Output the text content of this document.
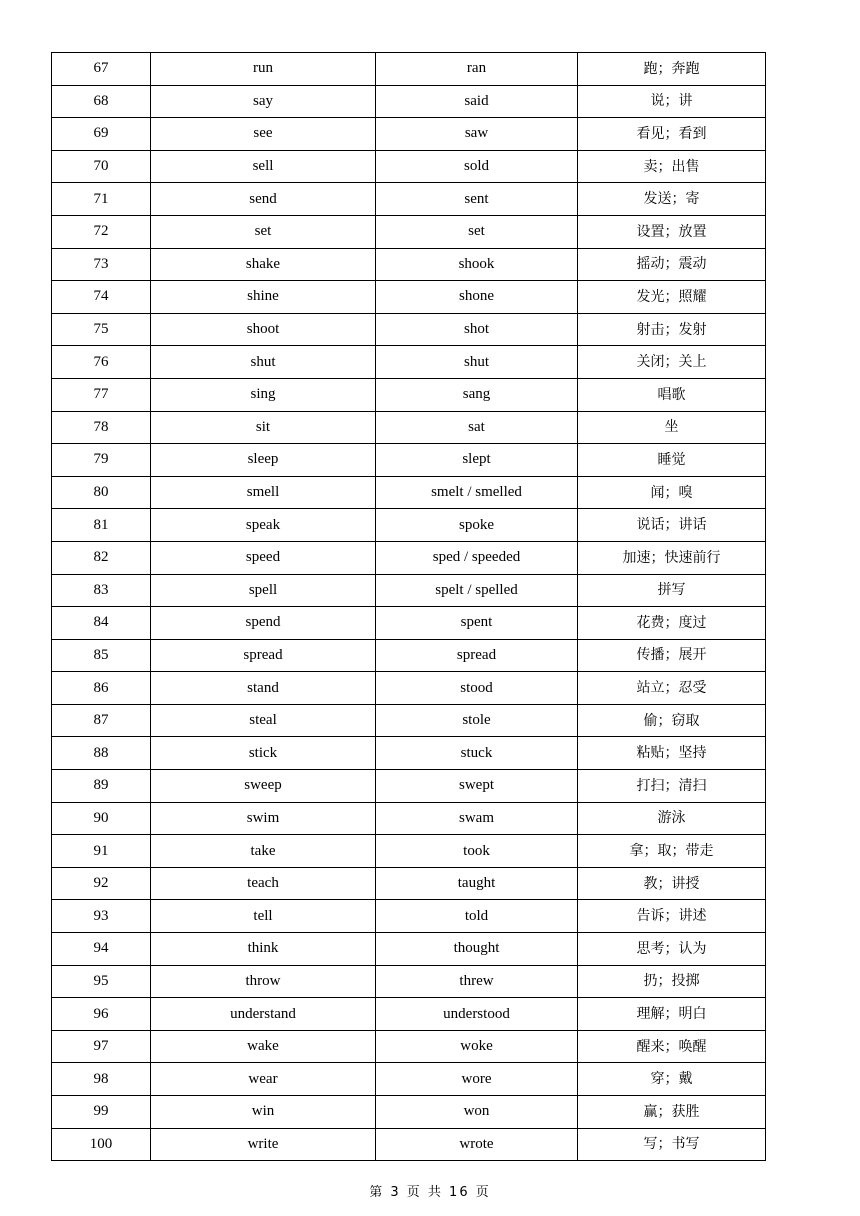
67	run	ran	跑；奔跑
68	say	said	说；讲
69	see	saw	看见；看到
70	sell	sold	卖；出售
71	send	sent	发送；寄
72	set	set	设置；放置
73	shake	shook	摇动；震动
74	shine	shone	发光；照耀
75	shoot	shot	射击；发射
76	shut	shut	关闭；关上
77	sing	sang	唱歌
78	sit	sat	坐
79	sleep	slept	睡觉
80	smell	smelt / smelled	闻；嗅
81	speak	spoke	说话；讲话
82	speed	sped / speeded	加速；快速前行
83	spell	spelt / spelled	拼写
84	spend	spent	花费；度过
85	spread	spread	传播；展开
86	stand	stood	站立；忍受
87	steal	stole	偷；窃取
88	stick	stuck	粘贴；坚持
89	sweep	swept	打扫；清扫
90	swim	swam	游泳
91	take	took	拿；取；带走
92	teach	taught	教；讲授
93	tell	told	告诉；讲述
94	think	thought	思考；认为
95	throw	threw	扔；投掷
96	understand	understood	理解；明白
97	wake	woke	醒来；唤醒
98	wear	wore	穿；戴
99	win	won	赢；获胜
100	write	wrote	写；书写
第 3 页 共 16 页
